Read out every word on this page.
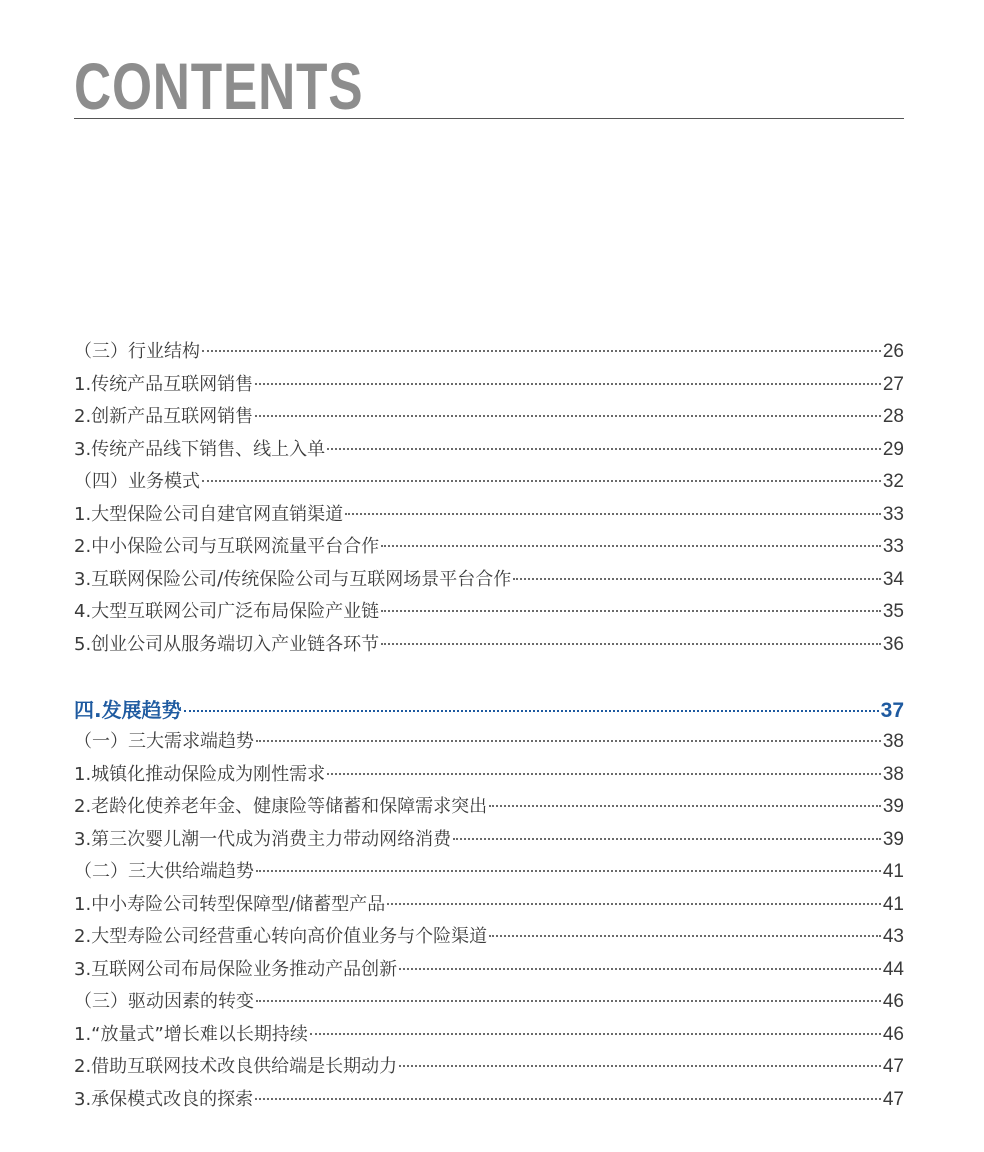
CONTENTS
（三）行业结构	26
1.传统产品互联网销售	27
2.创新产品互联网销售	28
3.传统产品线下销售、线上入单	29
（四）业务模式	32
1.大型保险公司自建官网直销渠道	33
2.中小保险公司与互联网流量平台合作	33
3.互联网保险公司/传统保险公司与互联网场景平台合作	34
4.大型互联网公司广泛布局保险产业链	35
5.创业公司从服务端切入产业链各环节	36
四.发展趋势	37
（一）三大需求端趋势	38
1.城镇化推动保险成为刚性需求	38
2.老龄化使养老年金、健康险等储蓄和保障需求突出	39
3.第三次婴儿潮一代成为消费主力带动网络消费	39
（二）三大供给端趋势	41
1.中小寿险公司转型保障型/储蓄型产品	41
2.大型寿险公司经营重心转向高价值业务与个险渠道	43
3.互联网公司布局保险业务推动产品创新	44
（三）驱动因素的转变	46
1.“放量式”增长难以长期持续	46
2.借助互联网技术改良供给端是长期动力	47
3.承保模式改良的探索	47
